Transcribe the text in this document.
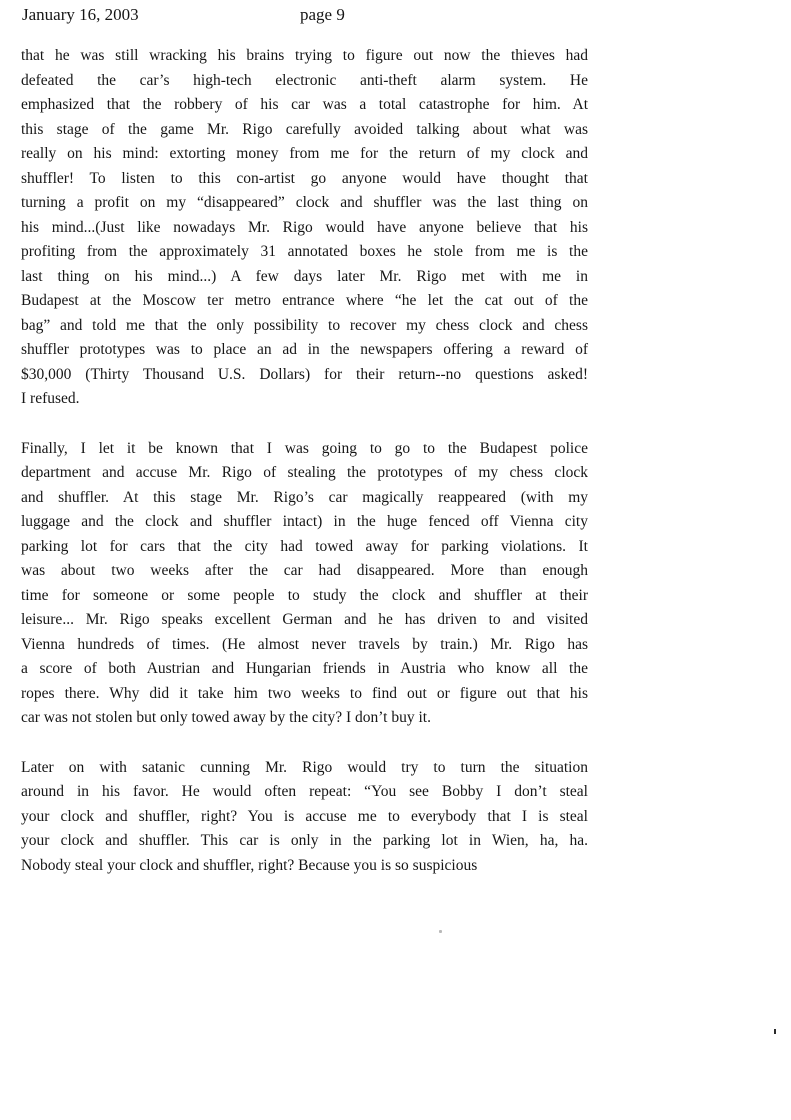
January 16, 2003	page 9
that he was still wracking his brains trying to figure out now the thieves had
defeated the car’s high-tech electronic anti-theft alarm system. He
emphasized that the robbery of his car was a total catastrophe for him. At
this stage of the game Mr. Rigo carefully avoided talking about what was
really on his mind: extorting money from me for the return of my clock and
shuffler! To listen to this con-artist go anyone would have thought that
turning a profit on my “disappeared” clock and shuffler was the last thing on
his mind...(Just like nowadays Mr. Rigo would have anyone believe that his
profiting from the approximately 31 annotated boxes he stole from me is the
last thing on his mind...) A few days later Mr. Rigo met with me in
Budapest at the Moscow ter metro entrance where “he let the cat out of the
bag” and told me that the only possibility to recover my chess clock and chess
shuffler prototypes was to place an ad in the newspapers offering a reward of
$30,000 (Thirty Thousand U.S. Dollars) for their return--no questions asked!
I refused.
Finally, I let it be known that I was going to go to the Budapest police
department and accuse Mr. Rigo of stealing the prototypes of my chess clock
and shuffler. At this stage Mr. Rigo’s car magically reappeared (with my
luggage and the clock and shuffler intact) in the huge fenced off Vienna city
parking lot for cars that the city had towed away for parking violations. It
was about two weeks after the car had disappeared. More than enough
time for someone or some people to study the clock and shuffler at their
leisure... Mr. Rigo speaks excellent German and he has driven to and visited
Vienna hundreds of times. (He almost never travels by train.) Mr. Rigo has
a score of both Austrian and Hungarian friends in Austria who know all the
ropes there. Why did it take him two weeks to find out or figure out that his
car was not stolen but only towed away by the city? I don’t buy it.
Later on with satanic cunning Mr. Rigo would try to turn the situation
around in his favor. He would often repeat: “You see Bobby I don’t steal
your clock and shuffler, right? You is accuse me to everybody that I is steal
your clock and shuffler. This car is only in the parking lot in Wien, ha, ha.
Nobody steal your clock and shuffler, right? Because you is so suspicious
